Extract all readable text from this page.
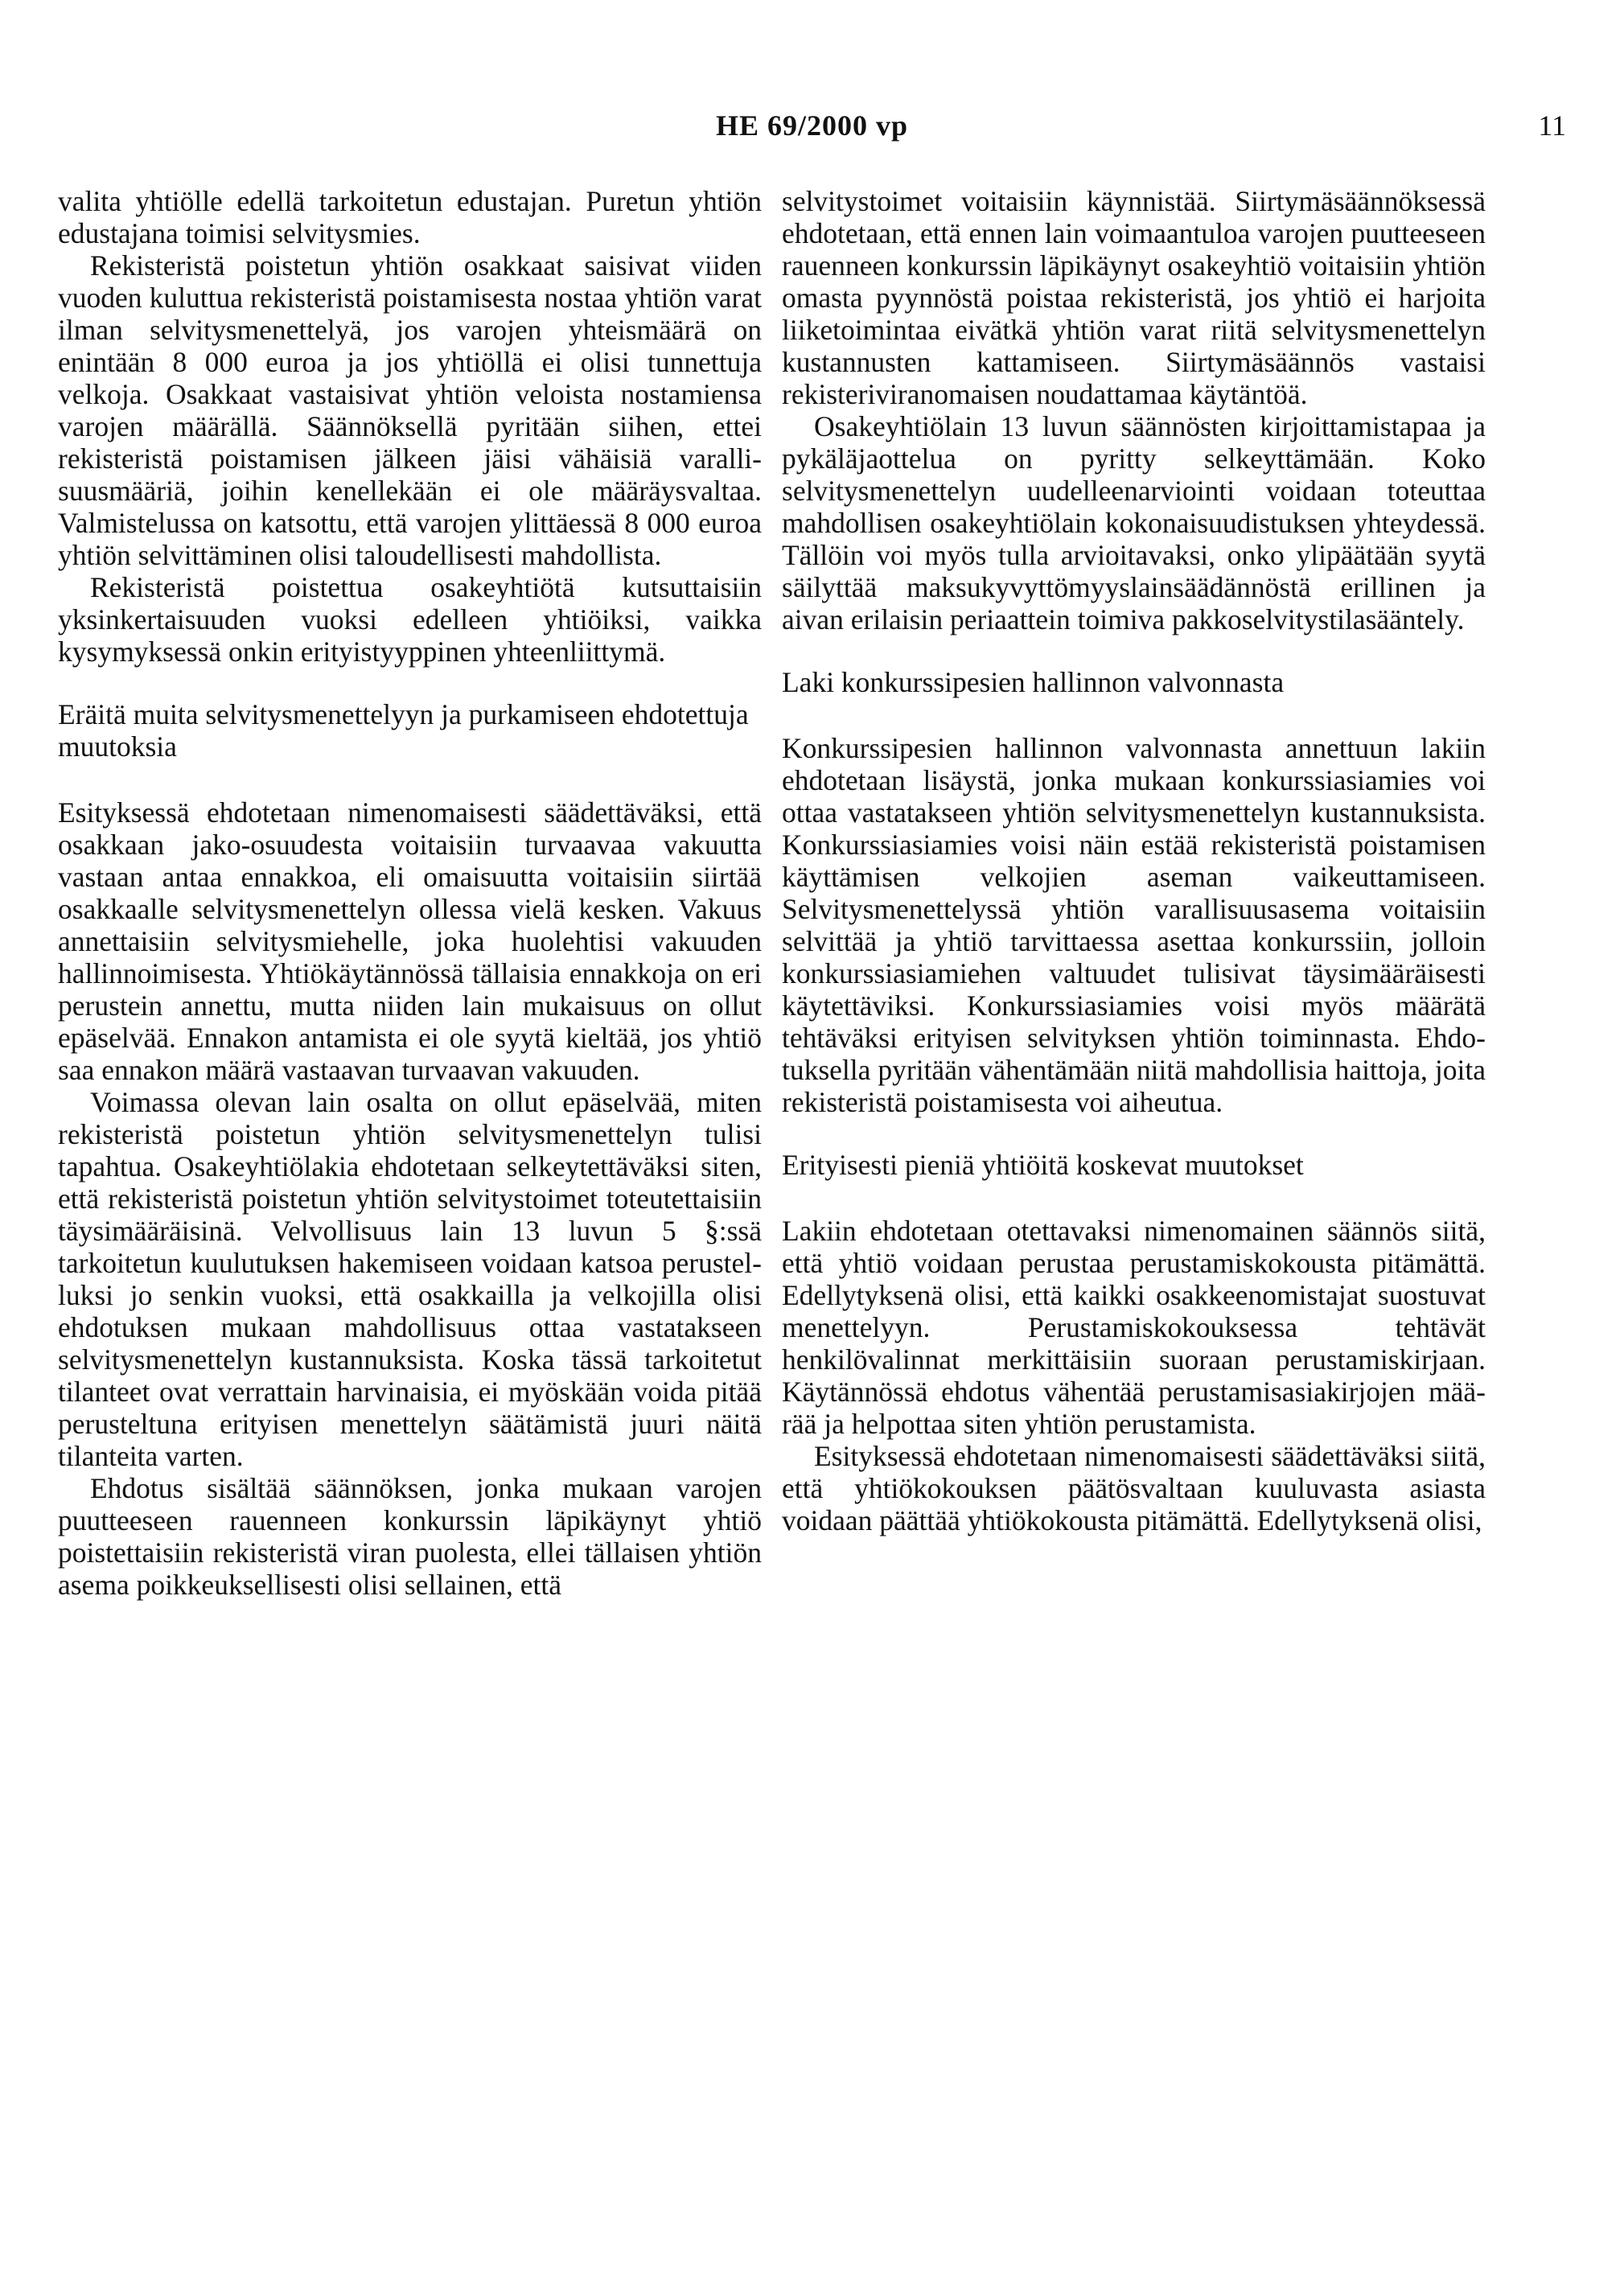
HE 69/2000 vp	11

valita yhtiölle edellä tarkoitetun edustajan. Puretun yhtiön edustajana toimisi selvitysmies.

Rekisteristä poistetun yhtiön osakkaat saisivat viiden vuoden kuluttua rekisteristä poistamisesta nostaa yhtiön varat ilman selvitysmenettelyä, jos varojen yhteismäärä on enintään 8 000 euroa ja jos yhtiöllä ei olisi tunnettuja velkoja. Osakkaat vastaisivat yhtiön veloista nostamiensa varojen määrällä. Säännöksellä pyritään siihen, ettei rekisteristä poistamisen jälkeen jäisi vähäisiä varallisuusmääriä, joihin kenellekään ei ole määräysvaltaa. Valmistelussa on katsottu, että varojen ylittäessä 8 000 euroa yhtiön selvittäminen olisi taloudellisesti mahdollista.

Rekisteristä poistettua osakeyhtiötä kutsuttaisiin yksinkertaisuuden vuoksi edelleen yhtiöiksi, vaikka kysymyksessä onkin erityistyyppinen yhteenliittymä.

Eräitä muita selvitysmenettelyyn ja purkamiseen ehdotettuja muutoksia

Esityksessä ehdotetaan nimenomaisesti säädettäväksi, että osakkaan jako-osuudesta voitaisiin turvaavaa vakuutta vastaan antaa ennakkoa, eli omaisuutta voitaisiin siirtää osakkaalle selvitysmenettelyn ollessa vielä kesken. Vakuus annettaisiin selvitysmiehelle, joka huolehtisi vakuuden hallinnoimisesta. Yhtiökäytännössä tällaisia ennakkoja on eri perustein annettu, mutta niiden lain mukaisuus on ollut epäselvää. Ennakon antamista ei ole syytä kieltää, jos yhtiö saa ennakon määrä vastaavan turvaavan vakuuden.

Voimassa olevan lain osalta on ollut epäselvää, miten rekisteristä poistetun yhtiön selvitysmenettelyn tulisi tapahtua. Osakeyhtiölakia ehdotetaan selkeytettäväksi siten, että rekisteristä poistetun yhtiön selvitystoimet toteutettaisiin täysimääräisinä. Velvollisuus lain 13 luvun 5 §:ssä tarkoitetun kuulutuksen hakemiseen voidaan katsoa perustelluksi jo senkin vuoksi, että osakkailla ja velkojilla olisi ehdotuksen mukaan mahdollisuus ottaa vastatakseen selvitysmenettelyn kustannuksista. Koska tässä tarkoitetut tilanteet ovat verrattain harvinaisia, ei myöskään voida pitää perusteltuna erityisen menettelyn säätämistä juuri näitä tilanteita varten.

Ehdotus sisältää säännöksen, jonka mukaan varojen puutteeseen rauenneen konkurssin läpikäynyt yhtiö poistettaisiin rekisteristä viran puolesta, ellei tällaisen yhtiön asema poikkeuksellisesti olisi sellainen, että

selvitystoimet voitaisiin käynnistää. Siirtymäsäännöksessä ehdotetaan, että ennen lain voimaantuloa varojen puutteeseen rauenneen konkurssin läpikäynyt osakeyhtiö voitaisiin yhtiön omasta pyynnöstä poistaa rekisteristä, jos yhtiö ei harjoita liiketoimintaa eivätkä yhtiön varat riitä selvitysmenettelyn kustannusten kattamiseen. Siirtymäsäännös vastaisi rekisteriviranomaisen noudattamaa käytäntöä.

Osakeyhtiölain 13 luvun säännösten kirjoittamistapaa ja pykäläjaottelua on pyritty selkeyttämään. Koko selvitysmenettelyn uudelleenarviointi voidaan toteuttaa mahdollisen osakeyhtiölain kokonaisuudistuksen yhteydessä. Tällöin voi myös tulla arvioitavaksi, onko ylipäätään syytä säilyttää maksukyvyttömyyslainsäädännöstä erillinen ja aivan erilaisin periaattein toimiva pakkoselvitystilasääntely.

Laki konkurssipesien hallinnon valvonnasta

Konkurssipesien hallinnon valvonnasta annettuun lakiin ehdotetaan lisäystä, jonka mukaan konkurssiasiamies voi ottaa vastatakseen yhtiön selvitysmenettelyn kustannuksista. Konkurssiasiamies voisi näin estää rekisteristä poistamisen käyttämisen velkojien aseman vaikeuttamiseen. Selvitysmenettelyssä yhtiön varallisuusasema voitaisiin selvittää ja yhtiö tarvittaessa asettaa konkurssiin, jolloin konkurssiasiamiehen valtuudet tulisivat täysimääräisesti käytettäviksi. Konkurssiasiamies voisi myös määrätä tehtäväksi erityisen selvityksen yhtiön toiminnasta. Ehdotuksella pyritään vähentämään niitä mahdollisia haittoja, joita rekisteristä poistamisesta voi aiheutua.

Erityisesti pieniä yhtiöitä koskevat muutokset

Lakiin ehdotetaan otettavaksi nimenomainen säännös siitä, että yhtiö voidaan perustaa perustamiskokousta pitämättä. Edellytyksenä olisi, että kaikki osakkeenomistajat suostuvat menettelyyn. Perustamiskokouksessa tehtävät henkilövalinnat merkittäisiin suoraan perustamiskirjaan. Käytännössä ehdotus vähentää perustamisasiakirjojen määrää ja helpottaa siten yhtiön perustamista.

Esityksessä ehdotetaan nimenomaisesti säädettäväksi siitä, että yhtiökokouksen päätösvaltaan kuuluvasta asiasta voidaan päättää yhtiökokousta pitämättä. Edellytyksenä olisi,
